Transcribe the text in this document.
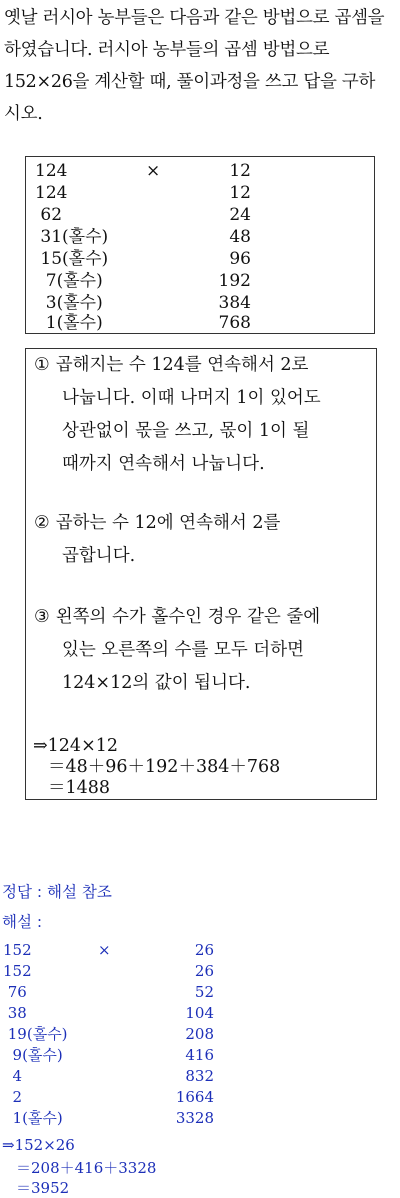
옛날 러시아 농부들은 다음과 같은 방법으로 곱셈을
하였습니다. 러시아 농부들의 곱셈 방법으로
152×26을 계산할 때, 풀이과정을 쓰고 답을 구하
시오.
124	×	12
124	12
62	24
31(홀수)	48
15(홀수)	96
7(홀수)	192
3(홀수)	384
1(홀수)	768
① 곱해지는 수 124를 연속해서 2로
나눕니다. 이때 나머지 1이 있어도
상관없이 몫을 쓰고, 몫이 1이 될
때까지 연속해서 나눕니다.
② 곱하는 수 12에 연속해서 2를
곱합니다.
③ 왼쪽의 수가 홀수인 경우 같은 줄에
있는 오른쪽의 수를 모두 더하면
124×12의 값이 됩니다.
⇒124×12
＝48＋96＋192＋384＋768
＝1488
정답 : 해설 참조
해설 :
152	×	26
152	26
76	52
38	104
19(홀수)	208
9(홀수)	416
4	832
2	1664
1(홀수)	3328
⇒152×26
＝208＋416＋3328
＝3952
